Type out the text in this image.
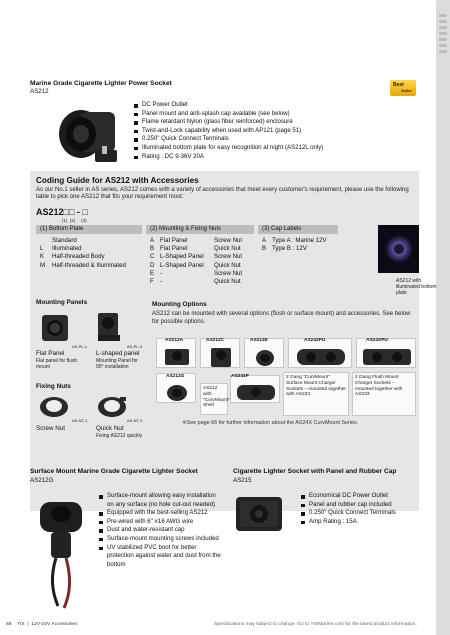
Marine Grade Cigarette Lighter Power Socket
AS212
Best
Seller
DC Power Outlet
Panel mount and anti-splash cap available (see below)
Flame retardant Nylon (glass fiber reinforced) enclosure
Twist-and-Lock capability when used with AP121 (page 51)
0.250" Quick Connect Terminals
Illuminated bottom plate for easy recognition at night (AS212L only)
Rating : DC 9-36V 20A
Coding Guide for AS212 with Accessories
As our No.1 seller in AS series, AS212 comes with a variety of accessories that meet every customer's requirement, please use the following table to pick one AS212 that fits your requirement most:
AS212□□ - □
(1)  (2)     (3)
(1) Bottom Plate	(2) Mounting & Fixing Nuts	(3) Cap Labels
Standard
L Illuminated
K Half-threaded Body
M Half-threaded & Illuminated
A Flat Panel	Screw Nut
B Flat Panel	Quick Nut
C L-Shaped Panel Screw Nut
D L-Shaped Panel Quick Nut
E -	Screw Nut
F -	Quick Nut
A Type A : Marine 12V
B Type B : 12V
AS212 with illuminated bottom plate
Mounting Panels
AS-PL-1
Flat Panel
Flat panel for flush mount
AS-PL-3
L-shaped panel
Mounting Panel for 90° installation
Fixing Nuts
AS-NT-1
Screw Nut
AS-NT-2
Quick Nut
Fixing AS212 quickly
Mounting Options
AS212 can be mounted with several options (flush or surface mount) and accessories. See below for possible options.
AS212A	AS212C	AS212E	AS242PU	AS24SPU
AS212G
AS212 with "CurvMount" Shell
AS241P	2 Gang "CurvMount" Surface Mount Charger Sockets – mounted together with AS233
2 Gang Flush Mount Charger Sockets – mounted together with AS233
※See page 66 for further information about the AS24X CurvMount Series.
Surface Mount Marine Grade Cigarette Lighter Socket
AS212G
Surface-mount allowing easy installation on any surface (no hole cut-out needed)
Equipped with the best-selling AS212
Pre-wired with 6" #16 AWG wire
Dust and water-resistant cap
Surface-mount mounting screws included
UV stabilized PVC boot for better protection against water and dust from the bottom
Cigarette Lighter Socket with Panel and Rubber Cap
AS215
Economical DC Power Outlet
Panel and rubber cap included
0.250" Quick Connect Terminals
Amp Rating : 15A
68    YIS  |  12V-24V Accessories	Specifications may subject to change. Go to YISMarine.com for the latest product information.
